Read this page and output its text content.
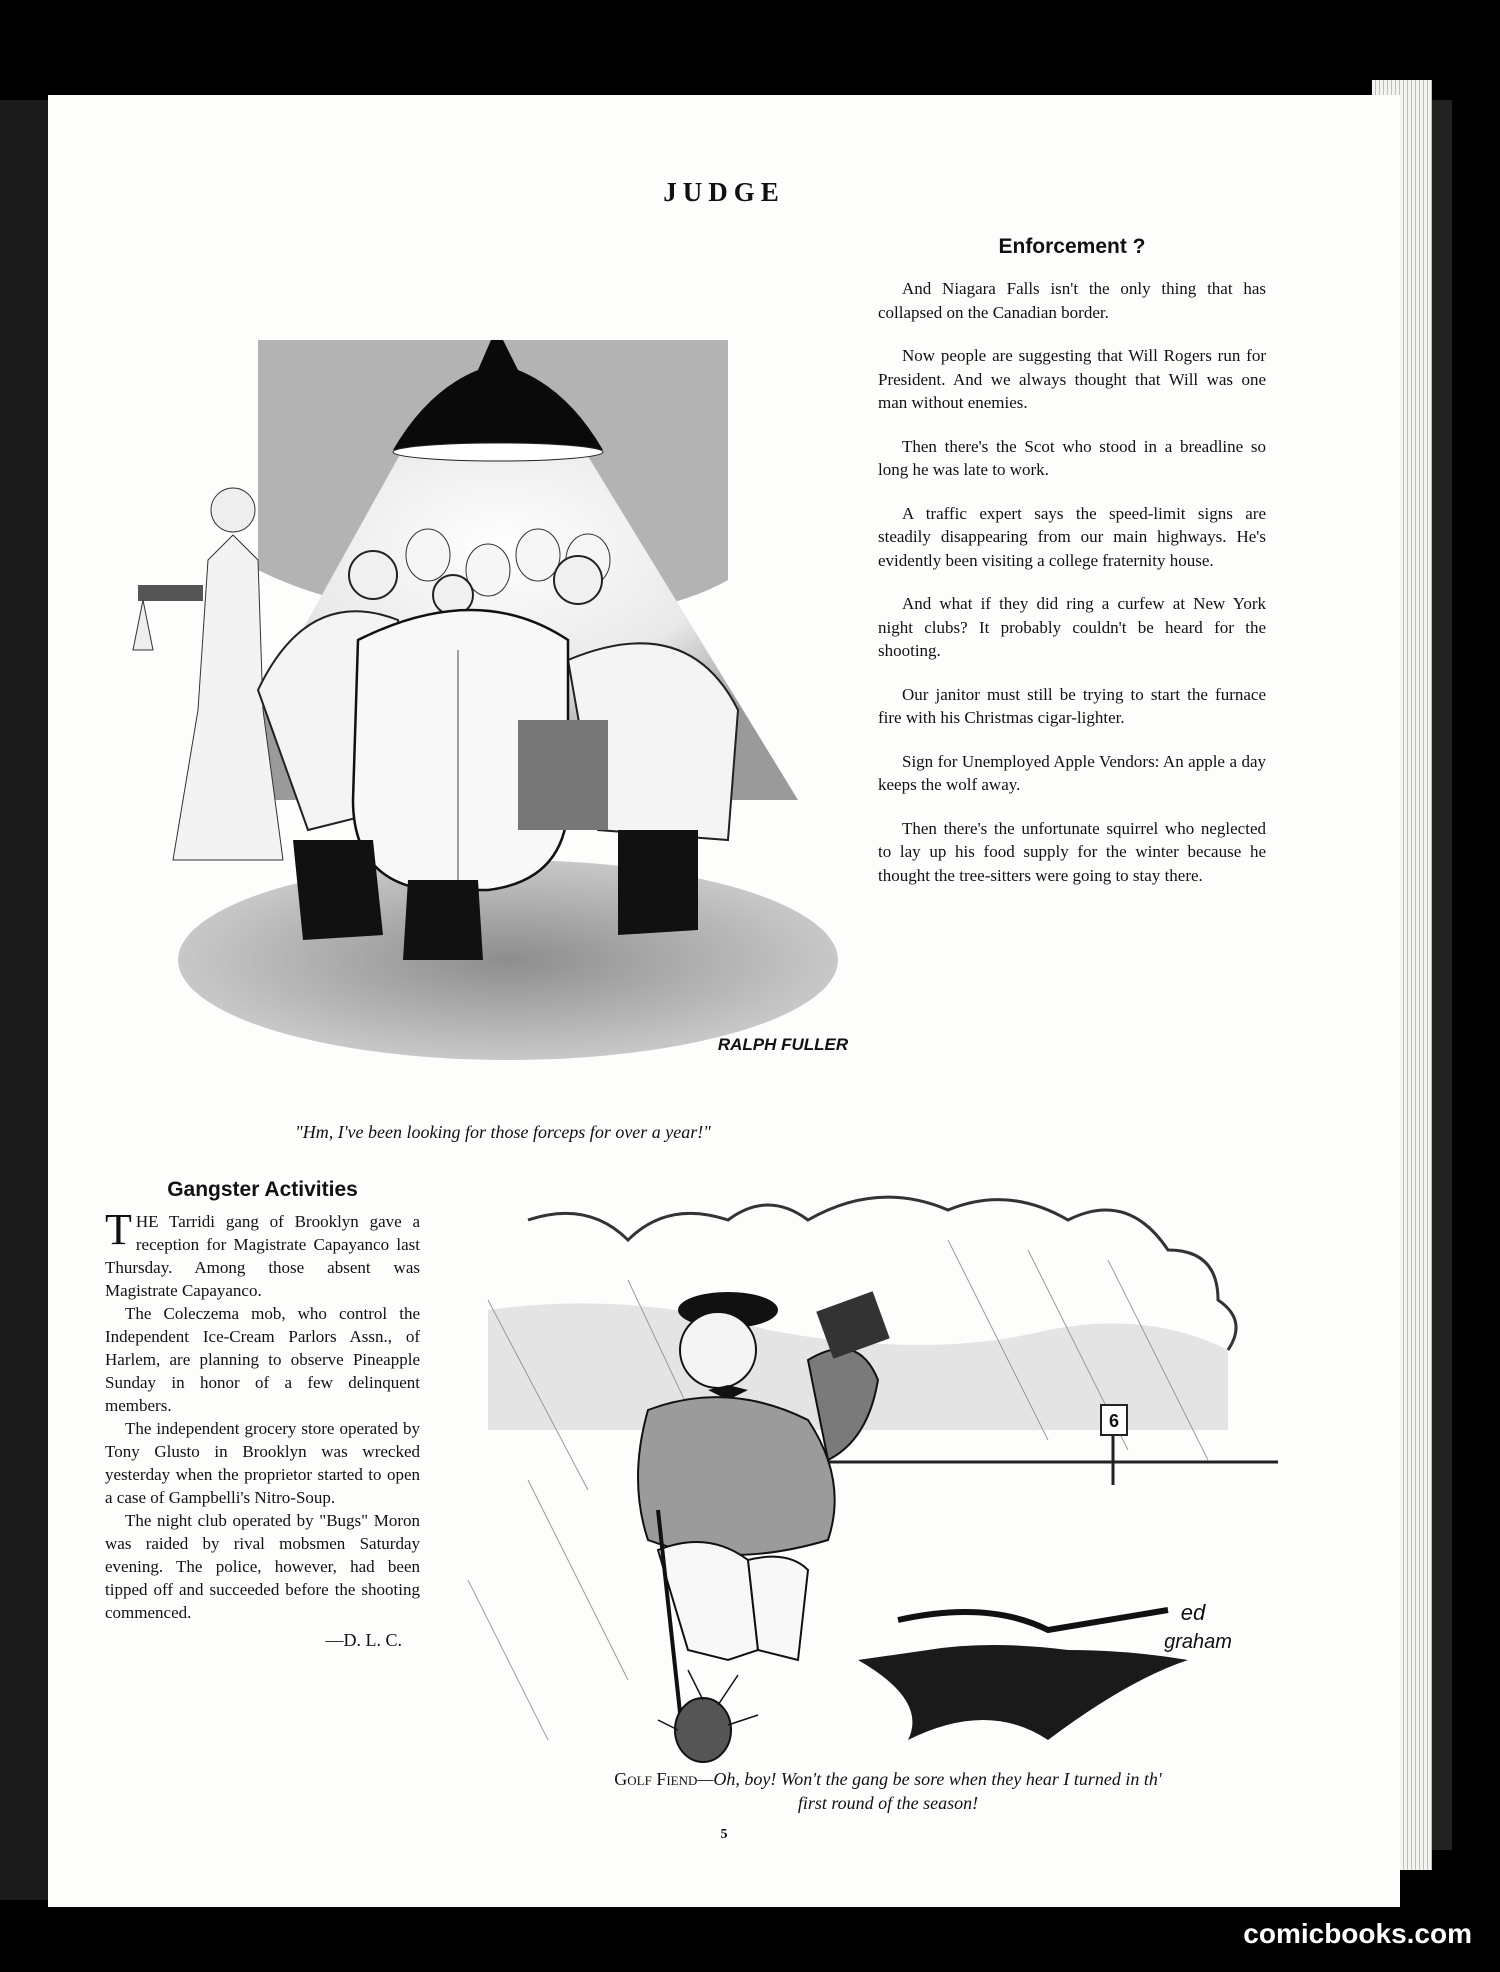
JUDGE
RALPH FULLER
"Hm, I've been looking for those forceps for over a year!"
Enforcement ?

And Niagara Falls isn't the only thing that has collapsed on the Canadian border.

Now people are suggesting that Will Rogers run for President. And we always thought that Will was one man without enemies.

Then there's the Scot who stood in a breadline so long he was late to work.

A traffic expert says the speed-limit signs are steadily disappearing from our main highways. He's evidently been visiting a college fraternity house.

And what if they did ring a curfew at New York night clubs? It probably couldn't be heard for the shooting.

Our janitor must still be trying to start the furnace fire with his Christmas cigar-lighter.

Sign for Unemployed Apple Vendors: An apple a day keeps the wolf away.

Then there's the unfortunate squirrel who neglected to lay up his food supply for the winter because he thought the tree-sitters were going to stay there.

Gangster Activities

THE Tarridi gang of Brooklyn gave a reception for Magistrate Capayanco last Thursday. Among those absent was Magistrate Capayanco.

The Coleczema mob, who control the Independent Ice-Cream Parlors Assn., of Harlem, are planning to observe Pineapple Sunday in honor of a few delinquent members.

The independent grocery store operated by Tony Glusto in Brooklyn was wrecked yesterday when the proprietor started to open a case of Gampbelli's Nitro-Soup.

The night club operated by "Bugs" Moron was raided by rival mobsmen Saturday evening. The police, however, had been tipped off and succeeded before the shooting commenced.

—D. L. C.
6
ed
graham
Golf Fiend—Oh, boy! Won't the gang be sore when they hear I turned in th'
first round of the season!
5
comicbooks.com
